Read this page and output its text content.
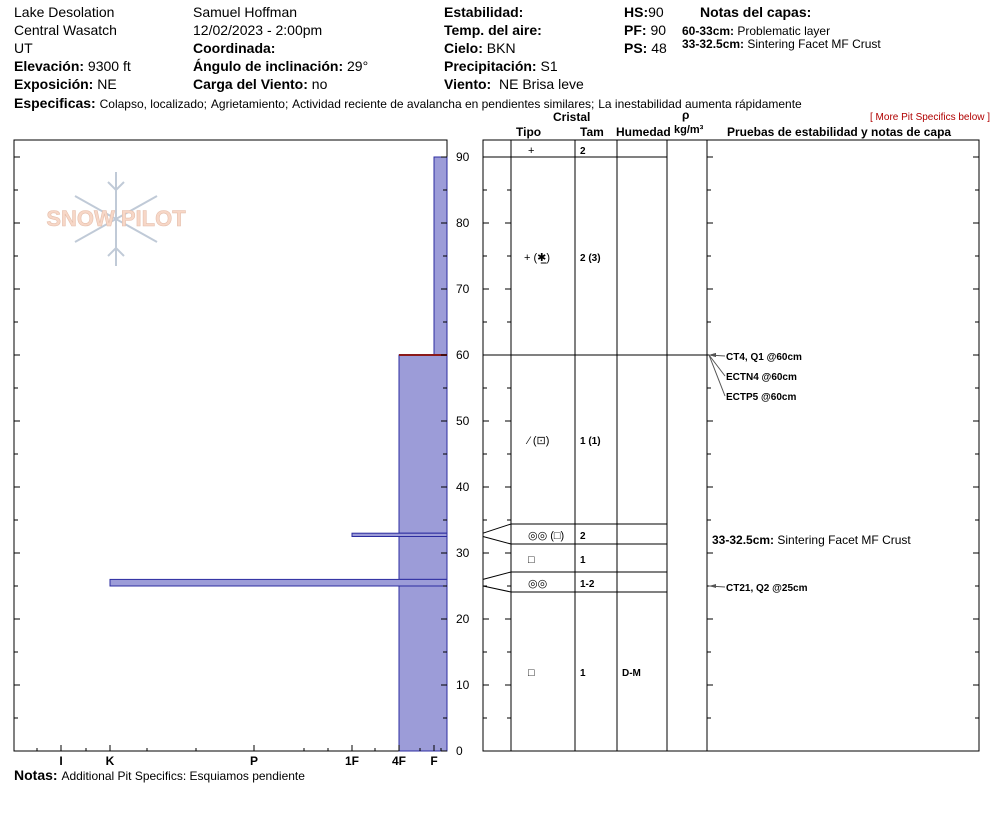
Lake Desolation
Central Wasatch
UT
Elevación: 9300 ft
Exposición: NE
Samuel Hoffman
12/02/2023 - 2:00pm
Coordinada:
Ángulo de inclinación: 29°
Carga del Viento: no
Estabilidad:
Temp. del aire:
Cielo: BKN
Precipitación: S1
Viento: NE Brisa leve
HS:90
PF: 90
PS: 48
Notas del capas:
60-33cm: Problematic layer
33-32.5cm: Sintering Facet MF Crust
Especificas: Colapso, localizado; Agrietamiento; Actividad reciente de avalancha en pendientes similares; La inestabilidad aumenta rápidamente
[ More Pit Specifics below ]
Notas: Additional Pit Specifics: Esquiamos pendiente
SNOW PILOT
0
10
20
30
40
50
60
70
80
90
I	K	P	1F	4F F
+	2
⁄ (⊡)	1 (1)
◎◎ (□) 2
□	1
◎◎	1-2
□	1	D-M
+ (✱̲)	2 (3)
CT4, Q1 @60cm
ECTN4 @60cm
ECTP5 @60cm
CT21, Q2 @25cm
33-32.5cm: Sintering Facet MF Crust
Cristal
Tipo	Tam Humedad
ρ
kg/m³ Pruebas de estabilidad y notas de capa
